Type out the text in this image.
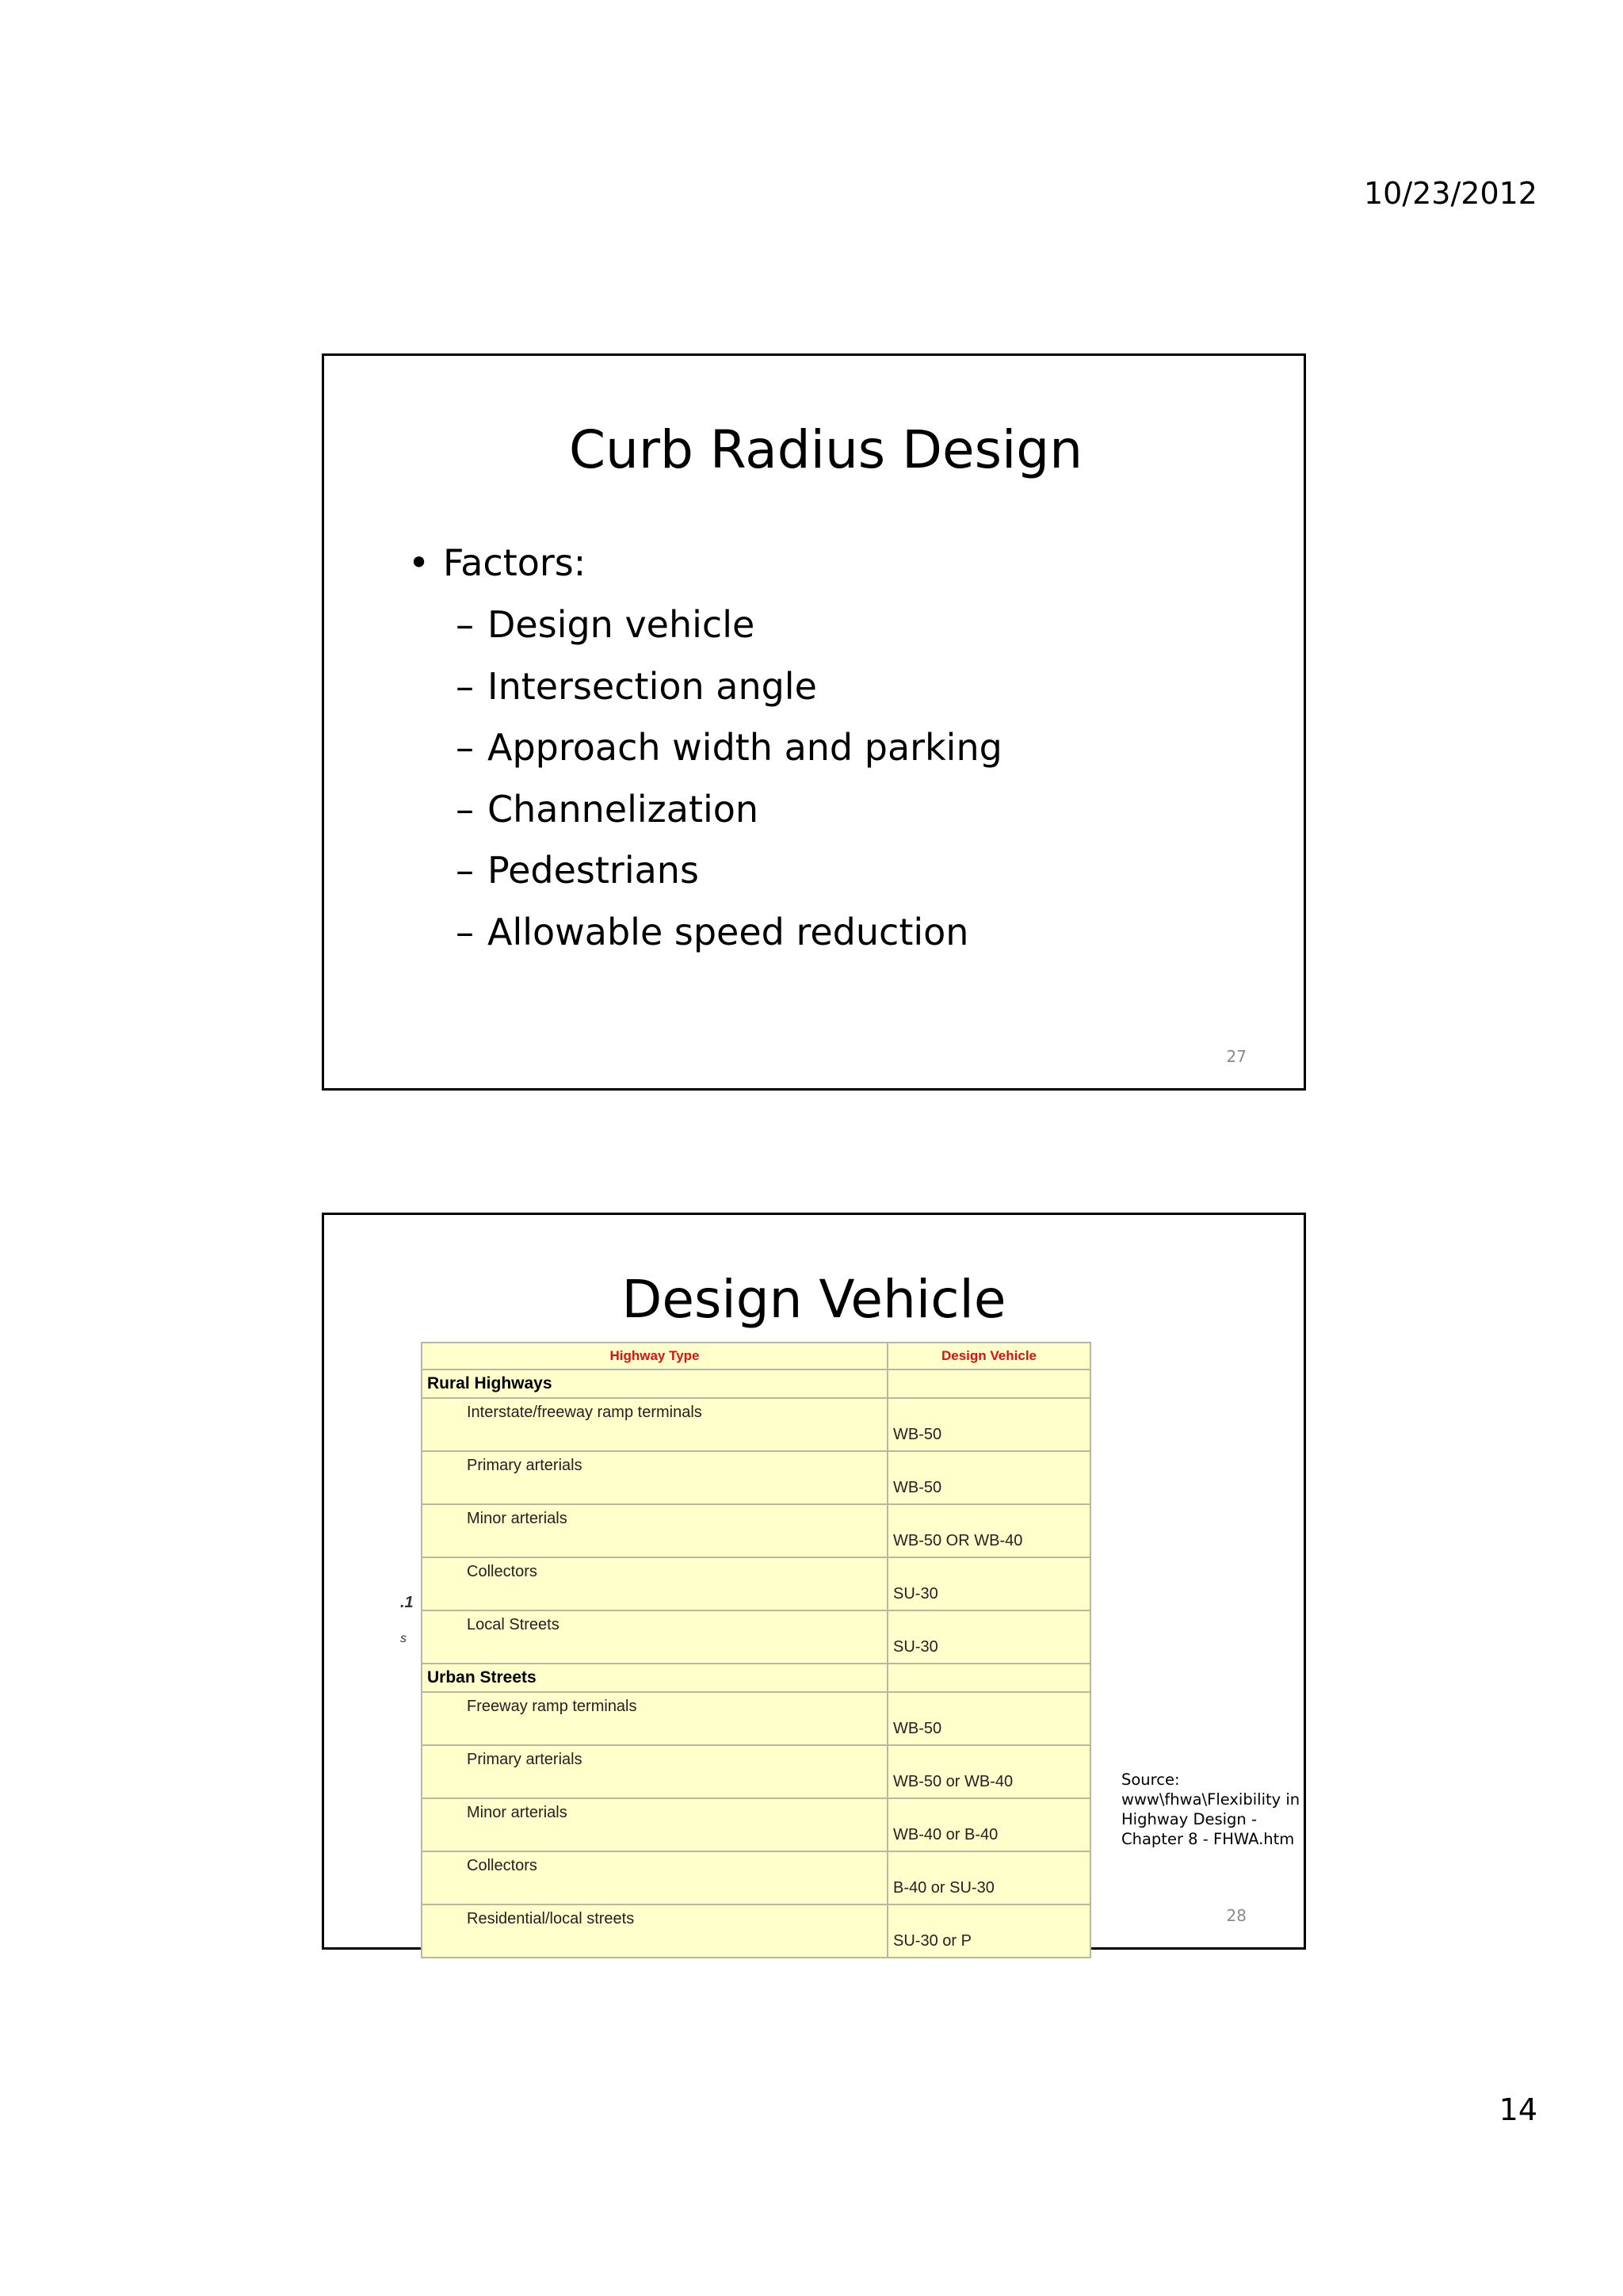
10/23/2012
Curb Radius Design
• Factors:
– Design vehicle
– Intersection angle
– Approach width and parking
– Channelization
– Pedestrians
– Allowable speed reduction
27
Design Vehicle
Highway Type	Design Vehicle
Rural Highways	
Interstate/freeway ramp terminals	WB-50
Primary arterials	WB-50
Minor arterials	WB-50 OR WB-40
Collectors	SU-30
Local Streets	SU-30
Urban Streets	
Freeway ramp terminals	WB-50
Primary arterials	WB-50 or WB-40
Minor arterials	WB-40 or B-40
Collectors	B-40 or SU-30
Residential/local streets	SU-30 or P
.1
s
Source: www\fhwa\Flexibility in Highway Design - Chapter 8 - FHWA.htm
28
14
